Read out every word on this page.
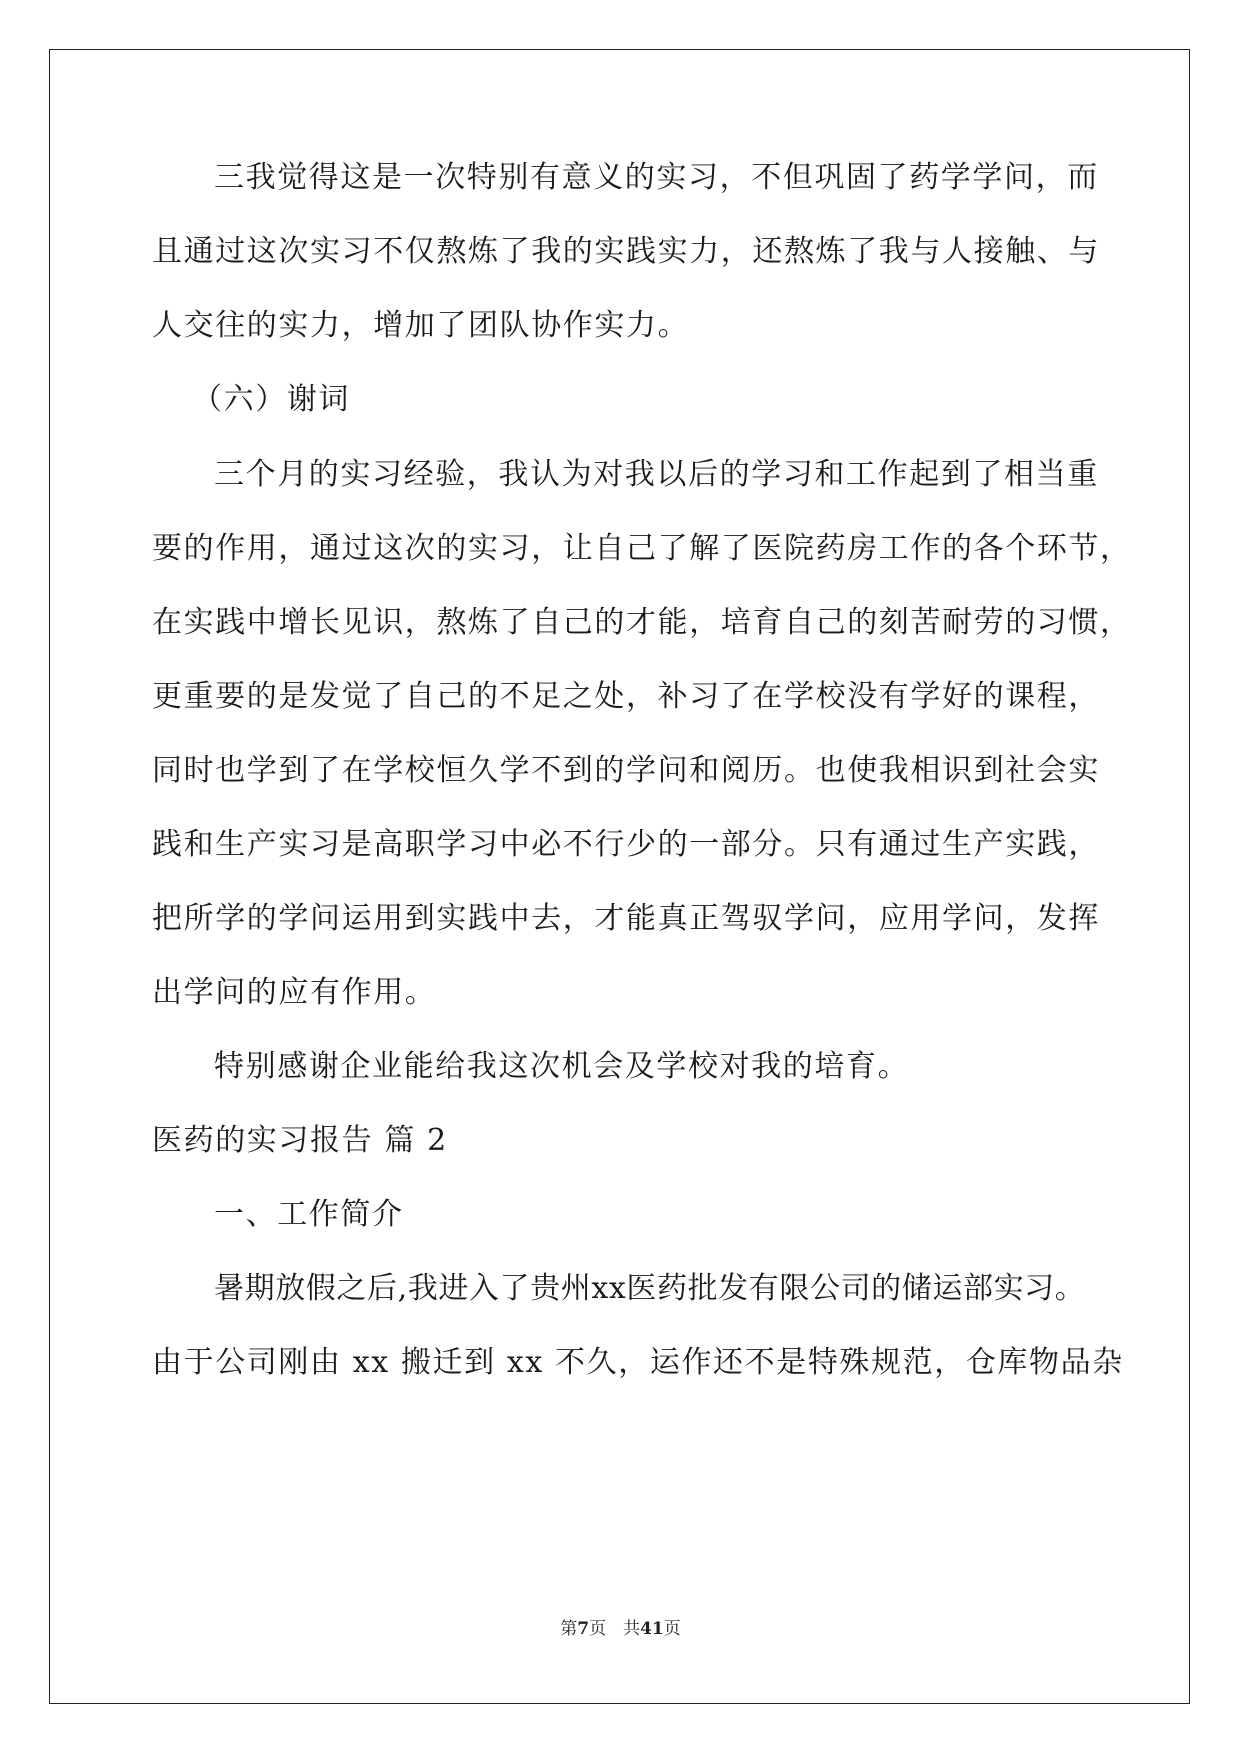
三我觉得这是一次特别有意义的实习，不但巩固了药学学问，而
且通过这次实习不仅熬炼了我的实践实力，还熬炼了我与人接触、与
人交往的实力，增加了团队协作实力。
（六）谢词
三个月的实习经验，我认为对我以后的学习和工作起到了相当重
要的作用，通过这次的实习，让自己了解了医院药房工作的各个环节，
在实践中增长见识，熬炼了自己的才能，培育自己的刻苦耐劳的习惯，
更重要的是发觉了自己的不足之处，补习了在学校没有学好的课程，
同时也学到了在学校恒久学不到的学问和阅历。也使我相识到社会实
践和生产实习是高职学习中必不行少的一部分。只有通过生产实践，
把所学的学问运用到实践中去，才能真正驾驭学问，应用学问，发挥
出学问的应有作用。
特别感谢企业能给我这次机会及学校对我的培育。
医药的实习报告 篇 2
一、工作简介
暑期放假之后,我进入了贵州xx医药批发有限公司的储运部实习。
由于公司刚由 xx 搬迁到 xx 不久，运作还不是特殊规范，仓库物品杂
第7页　共41页
